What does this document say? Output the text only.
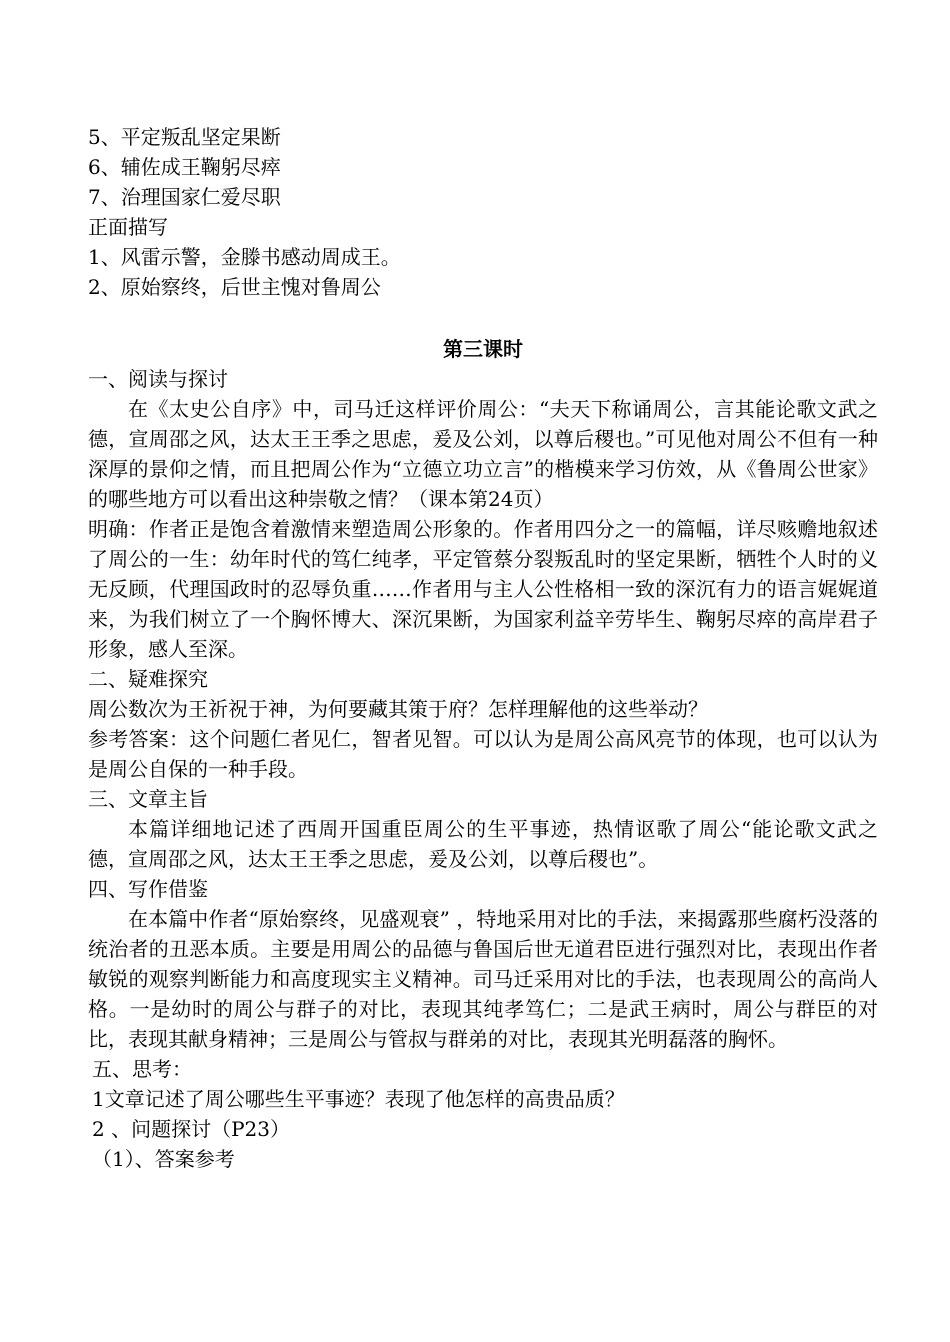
5、平定叛乱坚定果断
6、辅佐成王鞠躬尽瘁
7、治理国家仁爱尽职
正面描写
1、风雷示警，金滕书感动周成王。
2、原始察终，后世主愧对鲁周公
第三课时
一、阅读与探讨

在《太史公自序》中，司马迁这样评价周公：“夫天下称诵周公，言其能论歌文武之德，宣周邵之风，达太王王季之思虑，爰及公刘，以尊后稷也。”可见他对周公不但有一种深厚的景仰之情，而且把周公作为“立德立功立言”的楷模来学习仿效，从《鲁周公世家》的哪些地方可以看出这种崇敬之情？（课本第24页）

明确：作者正是饱含着激情来塑造周公形象的。作者用四分之一的篇幅，详尽赅赡地叙述了周公的一生：幼年时代的笃仁纯孝，平定管蔡分裂叛乱时的坚定果断，牺牲个人时的义无反顾，代理国政时的忍辱负重……作者用与主人公性格相一致的深沉有力的语言娓娓道来，为我们树立了一个胸怀博大、深沉果断，为国家利益辛劳毕生、鞠躬尽瘁的高岸君子形象，感人至深。

二、疑难探究

周公数次为王祈祝于神，为何要藏其策于府？怎样理解他的这些举动？

参考答案：这个问题仁者见仁，智者见智。可以认为是周公高风亮节的体现，也可以认为是周公自保的一种手段。

三、文章主旨

本篇详细地记述了西周开国重臣周公的生平事迹，热情讴歌了周公“能论歌文武之德，宣周邵之风，达太王王季之思虑，爰及公刘，以尊后稷也”。

四、写作借鉴

在本篇中作者“原始察终，见盛观衰” ，特地采用对比的手法，来揭露那些腐朽没落的统治者的丑恶本质。主要是用周公的品德与鲁国后世无道君臣进行强烈对比，表现出作者敏锐的观察判断能力和高度现实主义精神。司马迁采用对比的手法，也表现周公的高尚人格。一是幼时的周公与群子的对比，表现其纯孝笃仁；二是武王病时，周公与群臣的对比，表现其献身精神；三是周公与管叔与群弟的对比，表现其光明磊落的胸怀。

五、思考：
1文章记述了周公哪些生平事迹？表现了他怎样的高贵品质？
2 、问题探讨（P23）
（1）、答案参考
